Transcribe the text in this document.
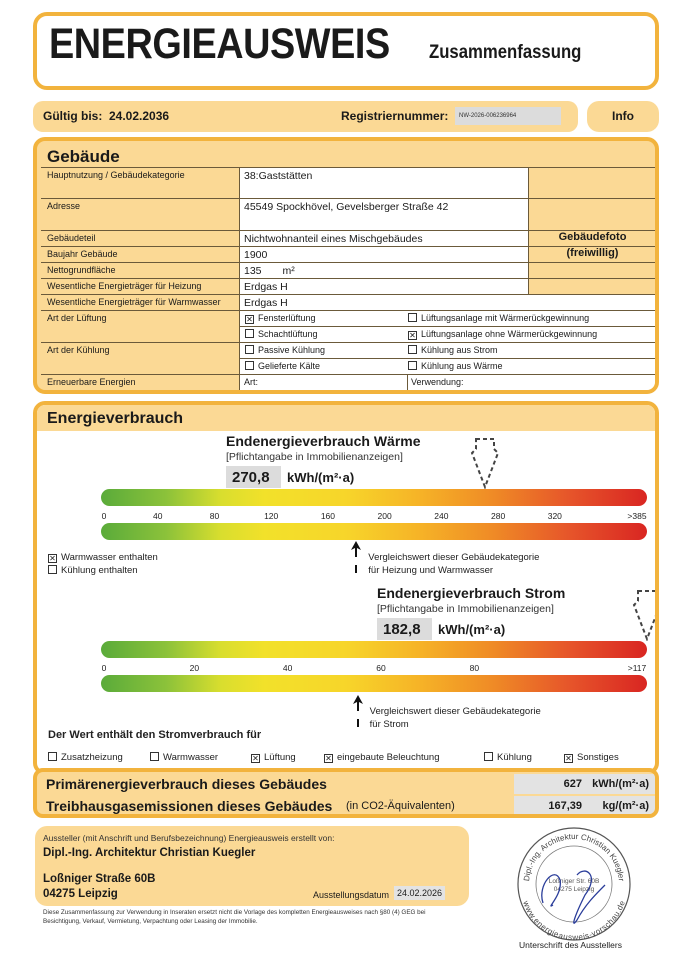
ENERGIEAUSWEIS Zusammenfassung
Gültig bis: 24.02.2036	Registriernummer:	NW-2026-006236964	Info
Gebäude
Hauptnutzung / Gebäudekategorie	38:Gaststätten
Adresse	45549 Spockhövel, Gevelsberger Straße 42
Gebäudeteil	Nichtwohnanteil eines Mischgebäudes
Baujahr Gebäude	1900
Nettogrundfläche	135 m²
Wesentliche Energieträger für Heizung	Erdgas H
Wesentliche Energieträger für Warmwasser	Erdgas H
Gebäudefoto
(freiwillig)
Art der Lüftung	✕ Fensterlüftung	Lüftungsanlage mit Wärmerückgewinnung
Schachtlüftung	✕ Lüftungsanlage ohne Wärmerückgewinnung
Art der Kühlung	Passive Kühlung	Kühlung aus Strom
Gelieferte Kälte	Kühlung aus Wärme
Erneuerbare Energien	Art:	Verwendung:
Energieverbrauch
Endenergieverbrauch Wärme
[Pflichtangabe in Immobilienanzeigen]
270,8	kWh/(m²·a)
0	40	80	120	160	200	240	280	320	>385
Vergleichswert dieser Gebäudekategorie
für Heizung und Warmwasser
✕ Warmwasser enthalten
Kühlung enthalten
Endenergieverbrauch Strom
[Pflichtangabe in Immobilienanzeigen]
182,8	kWh/(m²·a)
0	20	40	60	80	>117
Vergleichswert dieser Gebäudekategorie
für Strom
Der Wert enthält den Stromverbrauch für
Zusatzheizung	Warmwasser	✕ Lüftung	✕ eingebaute Beleuchtung	Kühlung	✕ Sonstiges
Primärenergieverbrauch dieses Gebäudes	627 kWh/(m²·a)
Treibhausgasemissionen dieses Gebäudes (in CO2-Äquivalenten)	167,39 kg/(m²·a)
Aussteller (mit Anschrift und Berufsbezeichnung) Energieausweis erstellt von:
Dipl.-Ing. Architektur Christian Kuegler
Loßniger Straße 60B
04275 Leipzig	Ausstellungsdatum 24.02.2026
Diese Zusammenfassung zur Verwendung in Inseraten ersetzt nicht die Vorlage des kompletten Energieausweises nach §80 (4) GEG bei Besichtigung, Verkauf, Vermietung, Verpachtung oder Leasing der Immobilie.
Dipl.-Ing. Architektur Christian Kuegler
www.energieausweis-vorschau.de
Loßniger Str. 60B
04275 Leipzig
Unterschrift des Ausstellers
